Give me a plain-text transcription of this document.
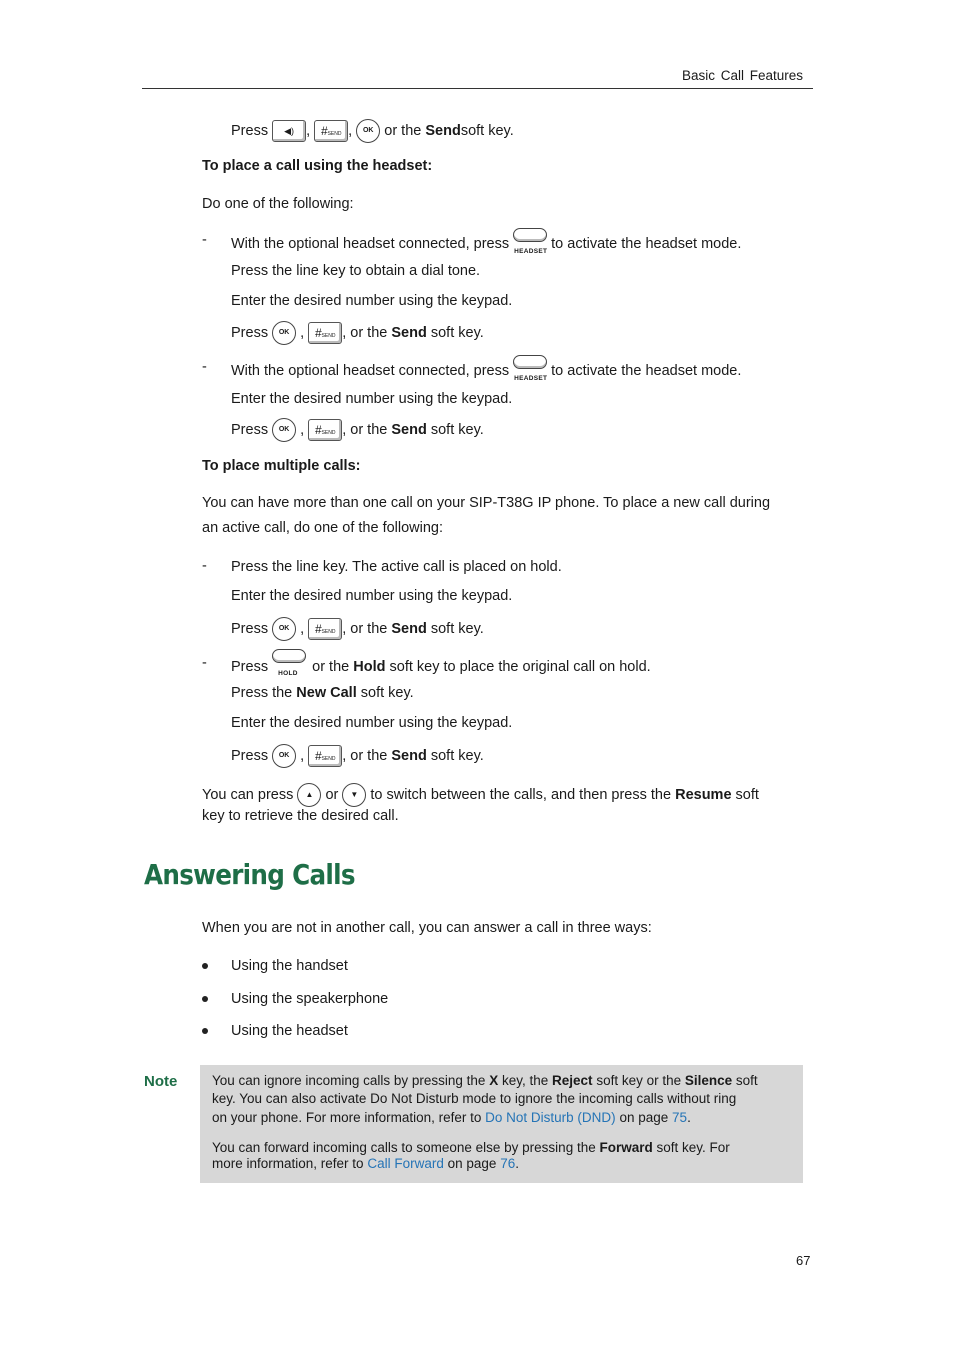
Basic Call Features
Press ◀) , #SEND , OK or the Sendsoft key.
To place a call using the headset:
Do one of the following:
- With the optional headset connected, press HEADSET to activate the headset mode.
Press the line key to obtain a dial tone.
Enter the desired number using the keypad.
Press OK , #SEND , or the Send soft key.
- With the optional headset connected, press HEADSET to activate the headset mode.
Enter the desired number using the keypad.
Press OK , #SEND , or the Send soft key.
To place multiple calls:
You can have more than one call on your SIP-T38G IP phone. To place a new call during
an active call, do one of the following:
- Press the line key. The active call is placed on hold.
Enter the desired number using the keypad.
Press OK , #SEND , or the Send soft key.
- Press HOLD or the Hold soft key to place the original call on hold.
Press the New Call soft key.
Enter the desired number using the keypad.
Press OK , #SEND , or the Send soft key.
You can press ▲ or ▼ to switch between the calls, and then press the Resume soft
key to retrieve the desired call.
Answering Calls
When you are not in another call, you can answer a call in three ways:
Using the handset
Using the speakerphone
Using the headset
Note	You can ignore incoming calls by pressing the X key, the Reject soft key or the Silence soft
key. You can also activate Do Not Disturb mode to ignore the incoming calls without ring
on your phone. For more information, refer to Do Not Disturb (DND) on page 75.
You can forward incoming calls to someone else by pressing the Forward soft key. For
more information, refer to Call Forward on page 76.
67
